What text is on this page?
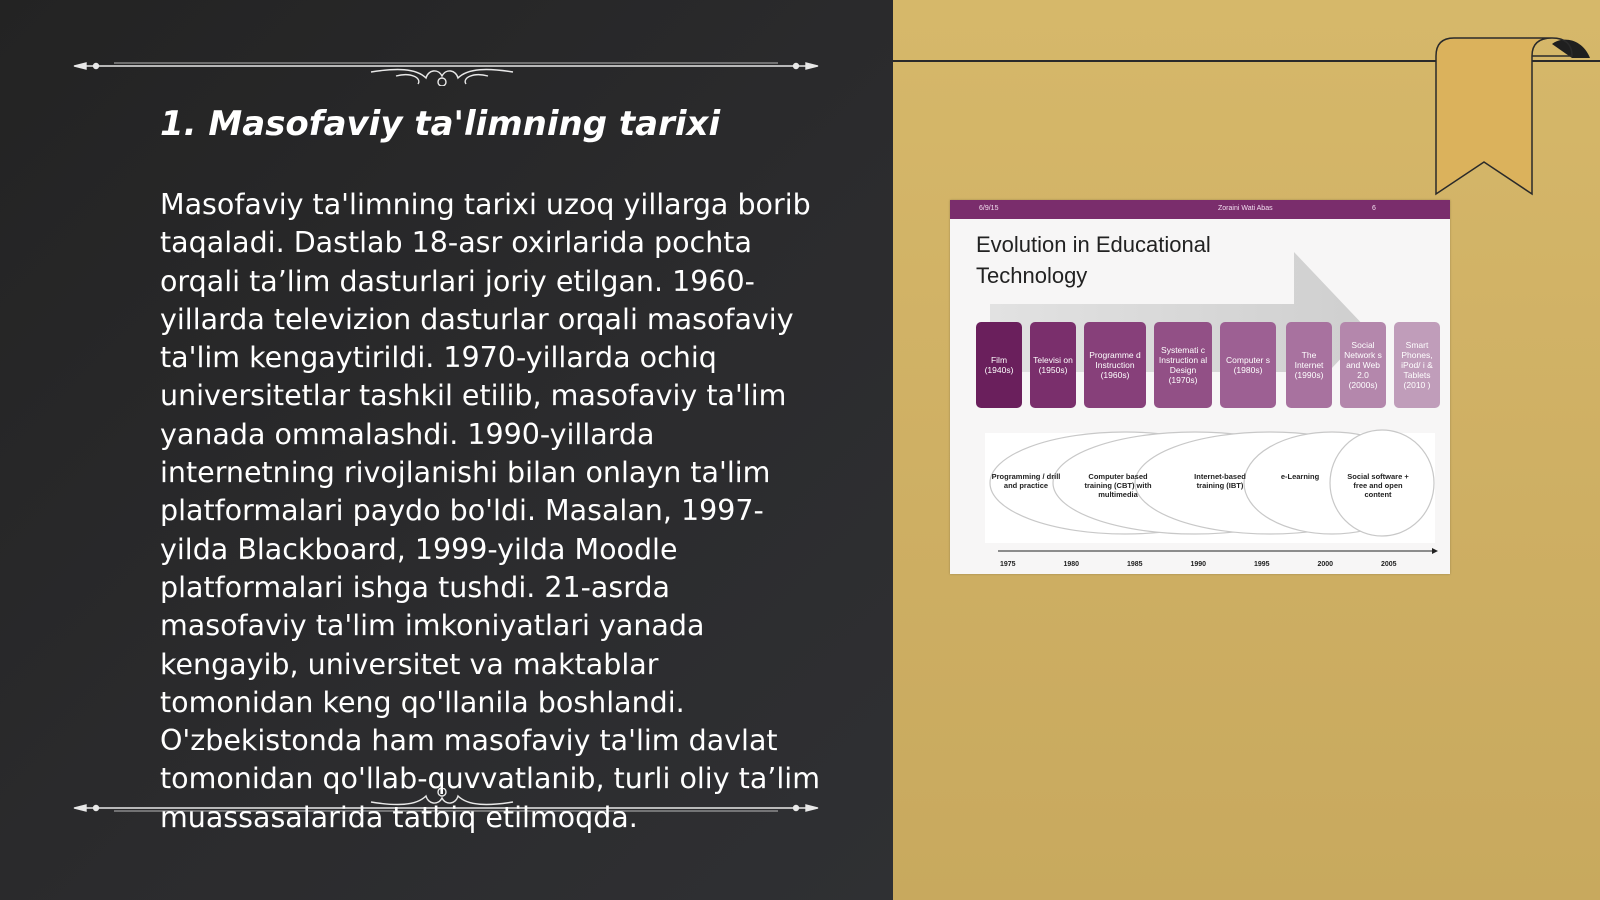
1. Masofaviy ta'limning tarixi

Masofaviy ta'limning tarixi uzoq yillarga borib taqaladi. Dastlab 18-asr oxirlarida pochta orqali ta’lim dasturlari joriy etilgan. 1960-yillarda televizion dasturlar orqali masofaviy ta'lim kengaytirildi. 1970-yillarda ochiq universitetlar tashkil etilib, masofaviy ta'lim yanada ommalashdi. 1990-yillarda internetning rivojlanishi bilan onlayn ta'lim platformalari paydo bo'ldi. Masalan, 1997-yilda Blackboard, 1999-yilda Moodle platformalari ishga tushdi. 21-asrda masofaviy ta'lim imkoniyatlari yanada kengayib, universitet va maktablar tomonidan keng qo'llanila boshlandi. O'zbekistonda ham masofaviy ta'lim davlat tomonidan qo'llab-quvvatlanib, turli oliy ta’lim muassasalarida tatbiq etilmoqda.

6/9/15	Zoraini Wati Abas	6
Evolution in Educational Technology
Film (1940s)
Televisi on (1950s)
Programme d Instruction (1960s)
Systemati c Instruction al Design (1970s)
Computer s (1980s)
The Internet (1990s)
Social Network s and Web 2.0 (2000s)
Smart Phones, iPod/ i & Tablets (2010 )
Programming / drill and practice
Computer based training (CBT) with multimedia
Internet-based training (IBT)
e-Learning	Social software + free and open content
1975	1980	1985	1990	1995	2000	2005
